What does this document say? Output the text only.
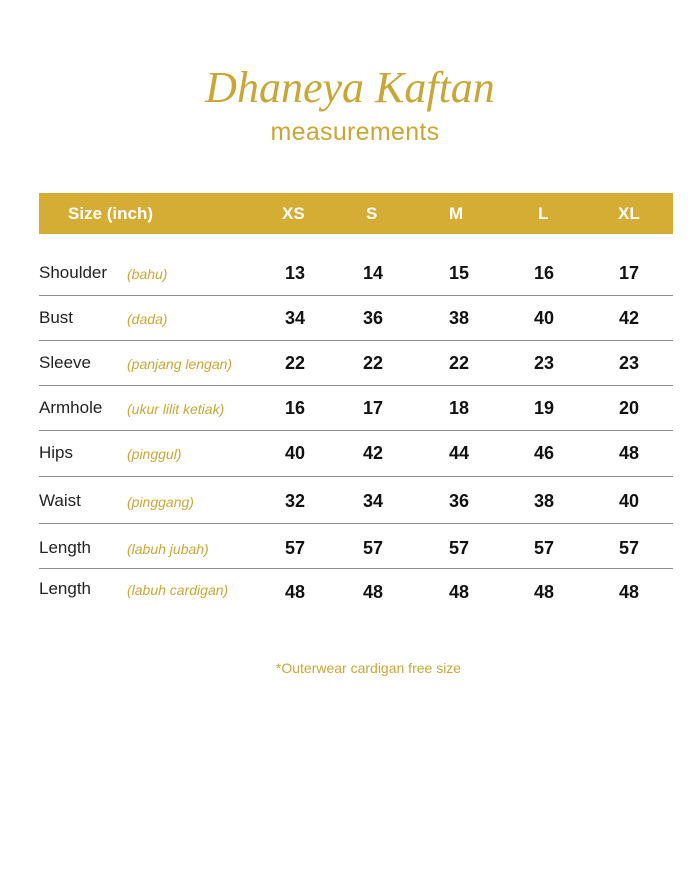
Dhaneya Kaftan
measurements
Size (inch)	XS	S	M	L	XL
Shoulder (bahu)	13	14	15	16	17
Bust	(dada)	34	36	38	40	42
Sleeve	(panjang lengan)	22	22	22	23	23
Armhole (ukur lilit ketiak)	16	17	18	19	20
Hips	(pinggul)	40	42	44	46	48
Waist	(pinggang)	32	34	36	38	40
Length	(labuh jubah)	57	57	57	57	57
Length	(labuh cardigan)	48	48	48	48	48
*Outerwear cardigan free size
